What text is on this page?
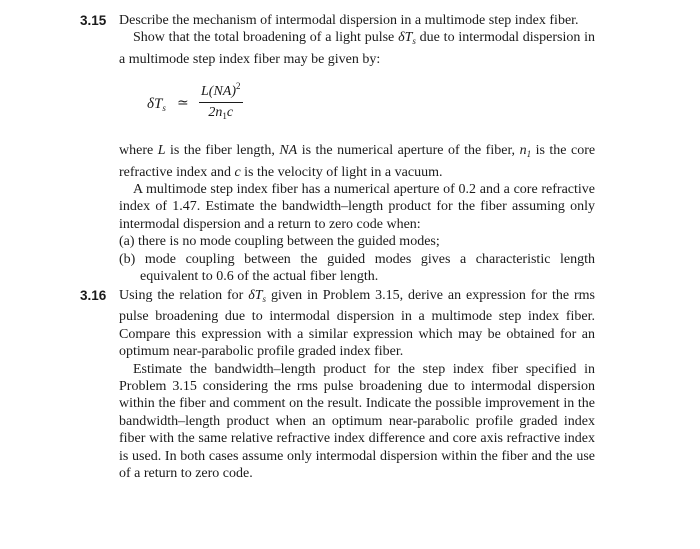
3.15 Describe the mechanism of intermodal dispersion in a multimode step index fiber.

Show that the total broadening of a light pulse $\delta T_s$ due to intermodal dispersion in a multimode step index fiber may be given by:

$\delta T_s$ ≃ $\frac{L(NA)^2}{2n_1c}$

where L is the fiber length, NA is the numerical aperture of the fiber, $n_1$ is the core refractive index and c is the velocity of light in a vacuum.

A multimode step index fiber has a numerical aperture of 0.2 and a core refractive index of 1.47. Estimate the bandwidth–length product for the fiber assuming only intermodal dispersion and a return to zero code when:

(a) there is no mode coupling between the guided modes;

(b) mode coupling between the guided modes gives a characteristic length equivalent to 0.6 of the actual fiber length.

3.16 Using the relation for $\delta T_s$ given in Problem 3.15, derive an expression for the rms pulse broadening due to intermodal dispersion in a multimode step index fiber. Compare this expression with a similar expression which may be obtained for an optimum near-parabolic profile graded index fiber.

Estimate the bandwidth–length product for the step index fiber specified in Problem 3.15 considering the rms pulse broadening due to intermodal dispersion within the fiber and comment on the result. Indicate the possible improvement in the bandwidth–length product when an optimum near-parabolic profile graded index fiber with the same relative refractive index difference and core axis refractive index is used. In both cases assume only intermodal dispersion within the fiber and the use of a return to zero code.
